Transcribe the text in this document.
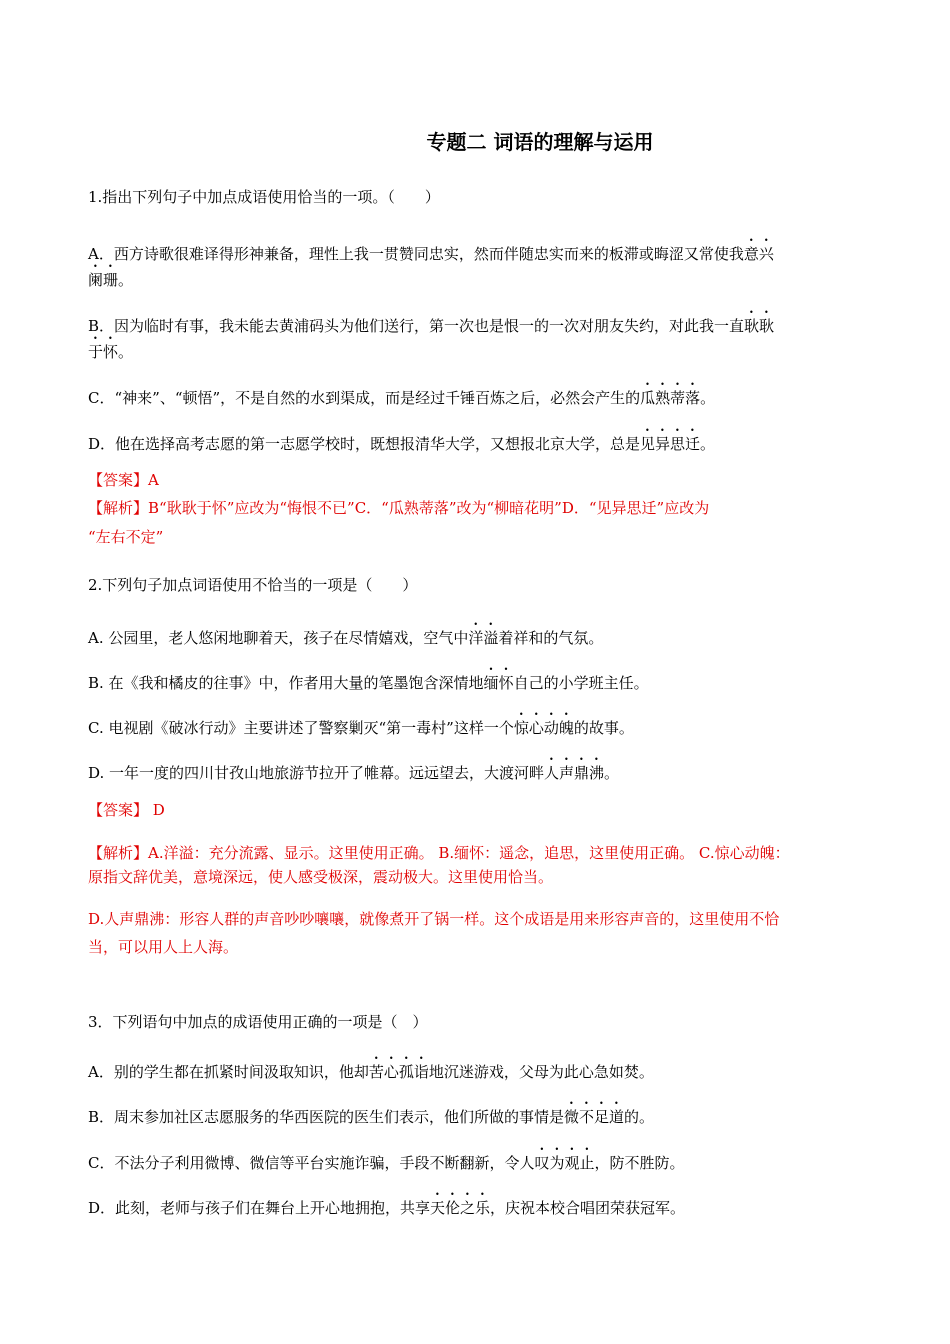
专题二 词语的理解与运用
1.指出下列句子中加点成语使用恰当的一项。（　　）
A．西方诗歌很难译得形神兼备，理性上我一贯赞同忠实，然而伴随忠实而来的板滞或晦涩又常使我意兴
阑珊。
B．因为临时有事，我未能去黄浦码头为他们送行，第一次也是恨一的一次对朋友失约，对此我一直耿耿
于怀。
C．“神来”、“顿悟”，不是自然的水到渠成，而是经过千锤百炼之后，必然会产生的瓜熟蒂落。
D．他在选择高考志愿的第一志愿学校时，既想报清华大学，又想报北京大学，总是见异思迁。
【答案】A
【解析】B“耿耿于怀”应改为“悔恨不已”C．“瓜熟蒂落”改为“柳暗花明”D．“见异思迁”应改为
“左右不定”
2.下列句子加点词语使用不恰当的一项是（　　）
A. 公园里，老人悠闲地聊着天，孩子在尽情嬉戏，空气中洋溢着祥和的气氛。
B. 在《我和橘皮的往事》中，作者用大量的笔墨饱含深情地缅怀自己的小学班主任。
C. 电视剧《破冰行动》主要讲述了警察剿灭“第一毒村”这样一个惊心动魄的故事。
D. 一年一度的四川甘孜山地旅游节拉开了帷幕。远远望去，大渡河畔人声鼎沸。
【答案】 D
【解析】A.洋溢：充分流露、显示。这里使用正确。 B.缅怀：遥念，追思，这里使用正确。 C.惊心动魄：
原指文辞优美，意境深远，使人感受极深，震动极大。这里使用恰当。
D.人声鼎沸：形容人群的声音吵吵嚷嚷，就像煮开了锅一样。这个成语是用来形容声音的，这里使用不恰
当，可以用人上人海。
3．下列语句中加点的成语使用正确的一项是（　）
A．别的学生都在抓紧时间汲取知识，他却苦心孤诣地沉迷游戏，父母为此心急如焚。
B．周末参加社区志愿服务的华西医院的医生们表示，他们所做的事情是微不足道的。
C．不法分子利用微博、微信等平台实施诈骗，手段不断翻新，令人叹为观止，防不胜防。
D．此刻，老师与孩子们在舞台上开心地拥抱，共享天伦之乐，庆祝本校合唱团荣获冠军。
